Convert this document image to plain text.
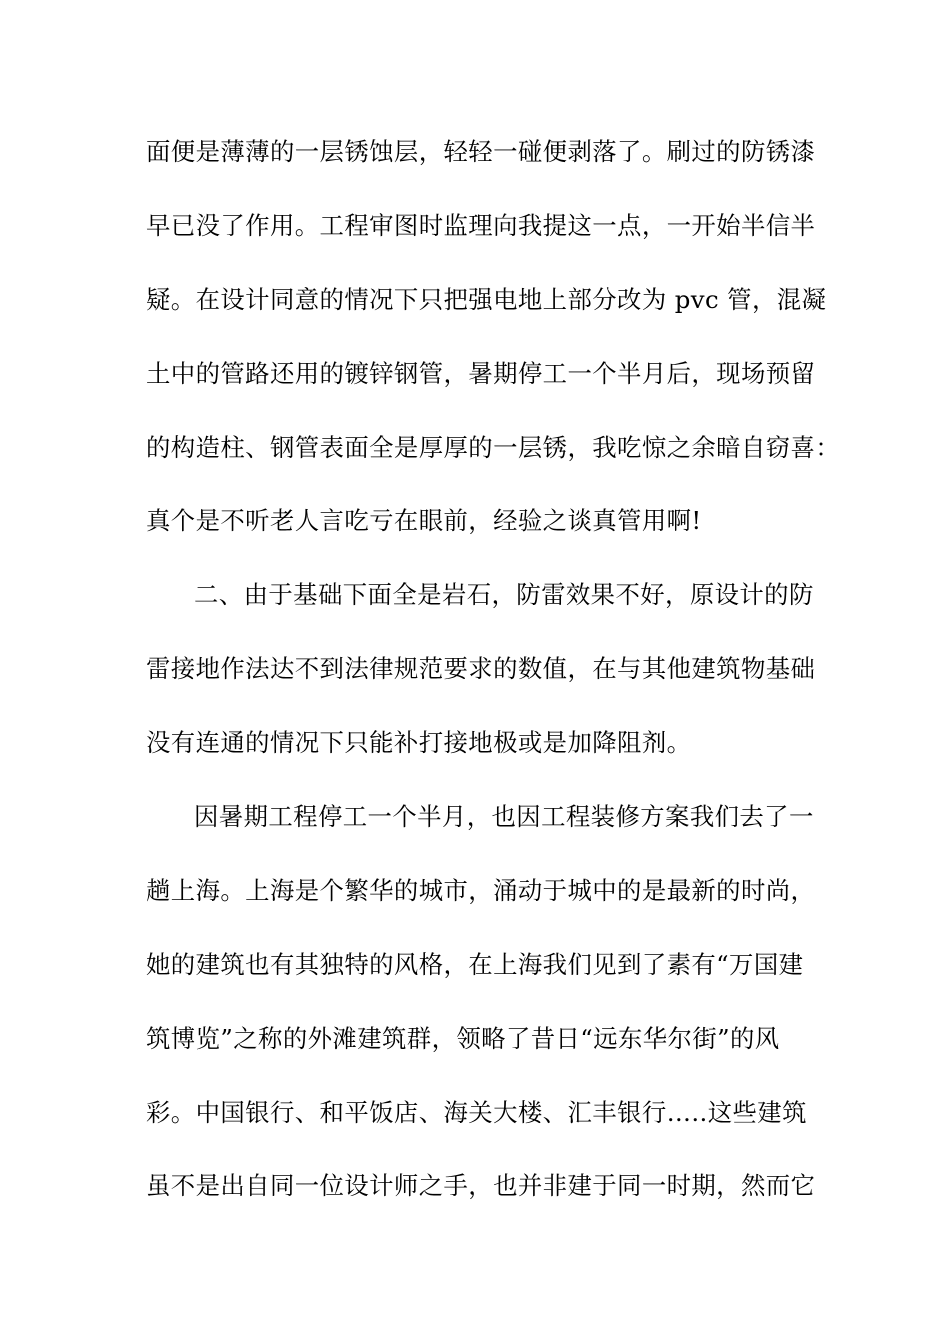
面便是薄薄的一层锈蚀层，轻轻一碰便剥落了。刷过的防锈漆
早已没了作用。工程审图时监理向我提这一点，一开始半信半
疑。在设计同意的情况下只把强电地上部分改为 pvc 管，混凝
土中的管路还用的镀锌钢管，暑期停工一个半月后，现场预留
的构造柱、钢管表面全是厚厚的一层锈，我吃惊之余暗自窃喜：
真个是不听老人言吃亏在眼前，经验之谈真管用啊!
二、由于基础下面全是岩石，防雷效果不好，原设计的防
雷接地作法达不到法律规范要求的数值，在与其他建筑物基础
没有连通的情况下只能补打接地极或是加降阻剂。
因暑期工程停工一个半月，也因工程装修方案我们去了一
趟上海。上海是个繁华的城市，涌动于城中的是最新的时尚，
她的建筑也有其独特的风格，在上海我们见到了素有“万国建
筑博览”之称的外滩建筑群，领略了昔日“远东华尔街”的风
彩。中国银行、和平饭店、海关大楼、汇丰银行…..这些建筑
虽不是出自同一位设计师之手，也并非建于同一时期，然而它
